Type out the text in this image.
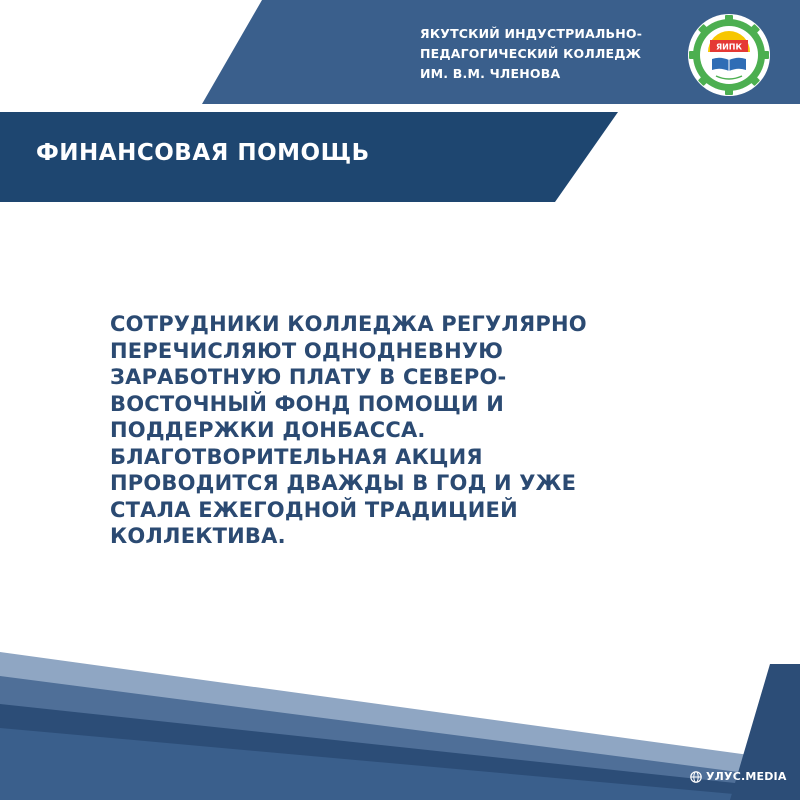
ЯКУТСКИЙ ИНДУСТРИАЛЬНО-
ПЕДАГОГИЧЕСКИЙ КОЛЛЕДЖ
ИМ. В.М. ЧЛЕНОВА
ЯИПК
ФИНАНСОВАЯ ПОМОЩЬ
СОТРУДНИКИ КОЛЛЕДЖА РЕГУЛЯРНО
ПЕРЕЧИСЛЯЮТ ОДНОДНЕВНУЮ
ЗАРАБОТНУЮ ПЛАТУ В СЕВЕРО-
ВОСТОЧНЫЙ ФОНД ПОМОЩИ И
ПОДДЕРЖКИ ДОНБАССА.
БЛАГОТВОРИТЕЛЬНАЯ АКЦИЯ
ПРОВОДИТСЯ ДВАЖДЫ В ГОД И УЖЕ
СТАЛА ЕЖЕГОДНОЙ ТРАДИЦИЕЙ
КОЛЛЕКТИВА.
УЛУС.MEDIA
